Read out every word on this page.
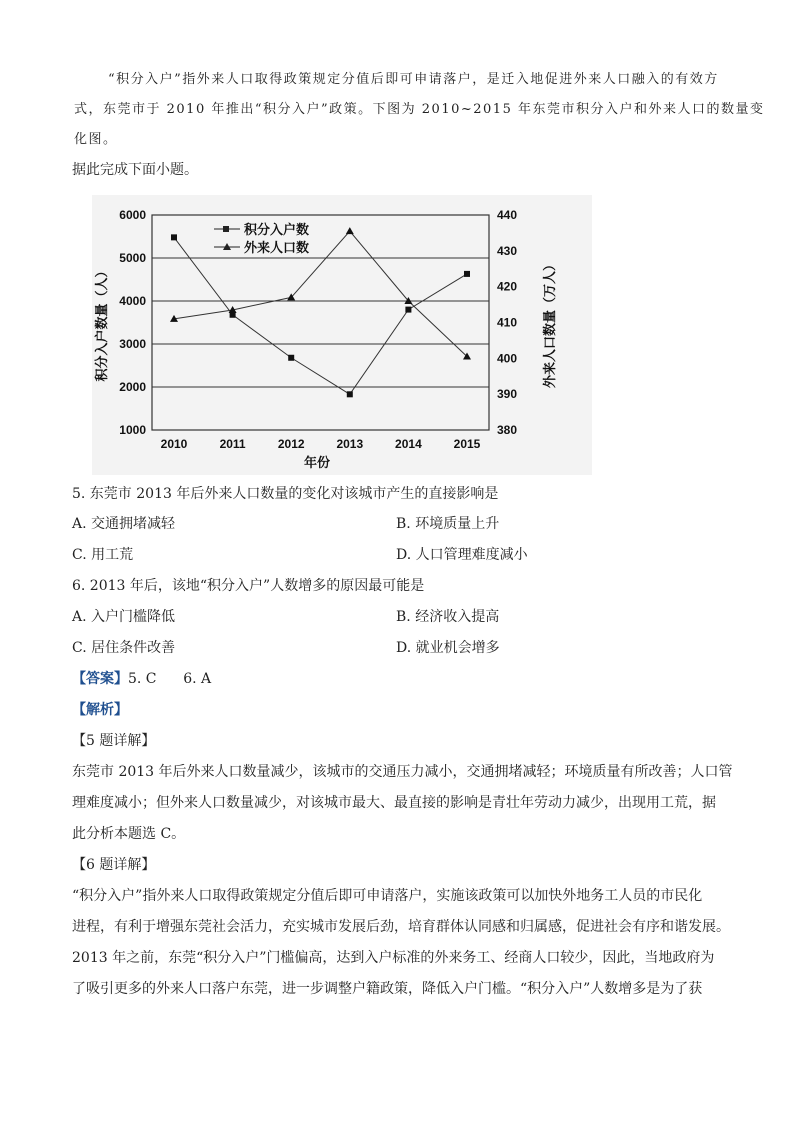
“积分入户”指外来人口取得政策规定分值后即可申请落户，是迁入地促进外来人口融入的有效方
式，东莞市于 2010 年推出“积分入户”政策。下图为 2010~2015 年东莞市积分入户和外来人口的数量变
化图。
据此完成下面小题。
1000
2000
3000
4000
5000
6000
380
390
400
410
420
430
440
2010	2011	2012	2013	2014	2015
积分入户数
外来人口数
年份
积分入户数量（人）	外来人口数量（万人）
5. 东莞市 2013 年后外来人口数量的变化对该城市产生的直接影响是
A. 交通拥堵减轻	B. 环境质量上升
C. 用工荒	D. 人口管理难度减小
6. 2013 年后，该地“积分入户”人数增多的原因最可能是
A. 入户门槛降低	B. 经济收入提高
C. 居住条件改善	D. 就业机会增多
【答案】5. C      6. A
【解析】
【5 题详解】
东莞市 2013 年后外来人口数量减少，该城市的交通压力减小，交通拥堵减轻；环境质量有所改善；人口管
理难度减小；但外来人口数量减少，对该城市最大、最直接的影响是青壮年劳动力减少，出现用工荒，据
此分析本题选 C。
【6 题详解】
“积分入户”指外来人口取得政策规定分值后即可申请落户，实施该政策可以加快外地务工人员的市民化
进程，有利于增强东莞社会活力，充实城市发展后劲，培育群体认同感和归属感，促进社会有序和谐发展。
2013 年之前，东莞“积分入户”门槛偏高，达到入户标准的外来务工、经商人口较少，因此，当地政府为
了吸引更多的外来人口落户东莞，进一步调整户籍政策，降低入户门槛。“积分入户”人数增多是为了获
